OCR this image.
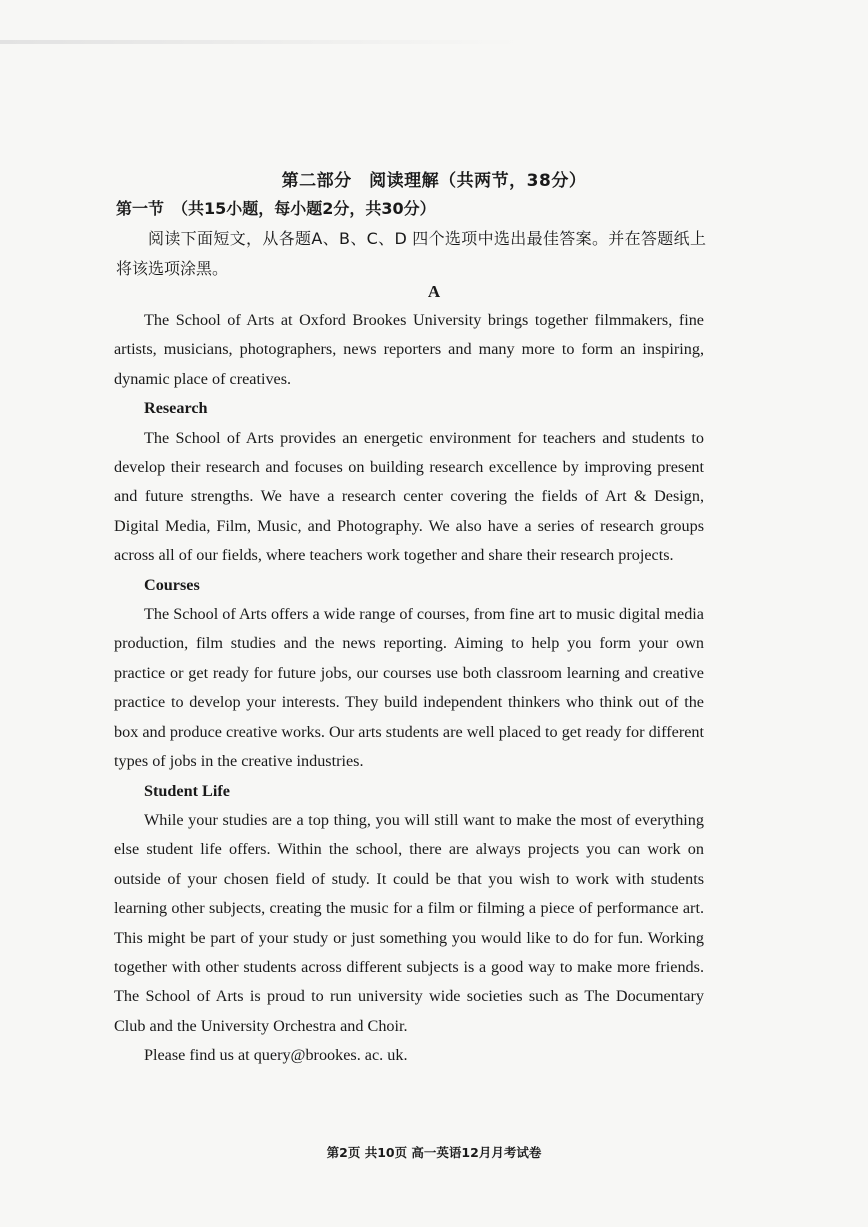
第二部分　阅读理解（共两节，38分）
第一节　（共15小题，每小题2分，共30分）
阅读下面短文，从各题A、B、C、D 四个选项中选出最佳答案。并在答题纸上将该选项涂黑。
A

The School of Arts at Oxford Brookes University brings together filmmakers, fine artists, musicians, photographers, news reporters and many more to form an inspiring, dynamic place of creatives.

Research

The School of Arts provides an energetic environment for teachers and students to develop their research and focuses on building research excellence by improving present and future strengths. We have a research center covering the fields of Art & Design, Digital Media, Film, Music, and Photography. We also have a series of research groups across all of our fields, where teachers work together and share their research projects.

Courses

The School of Arts offers a wide range of courses, from fine art to music digital media production, film studies and the news reporting. Aiming to help you form your own practice or get ready for future jobs, our courses use both classroom learning and creative practice to develop your interests. They build independent thinkers who think out of the box and produce creative works. Our arts students are well placed to get ready for different types of jobs in the creative industries.

Student Life

While your studies are a top thing, you will still want to make the most of everything else student life offers. Within the school, there are always projects you can work on outside of your chosen field of study. It could be that you wish to work with students learning other subjects, creating the music for a film or filming a piece of performance art. This might be part of your study or just something you would like to do for fun. Working together with other students across different subjects is a good way to make more friends. The School of Arts is proud to run university wide societies such as The Documentary Club and the University Orchestra and Choir.

Please find us at query@brookes. ac. uk.

第2页 共10页 高一英语12月月考试卷
